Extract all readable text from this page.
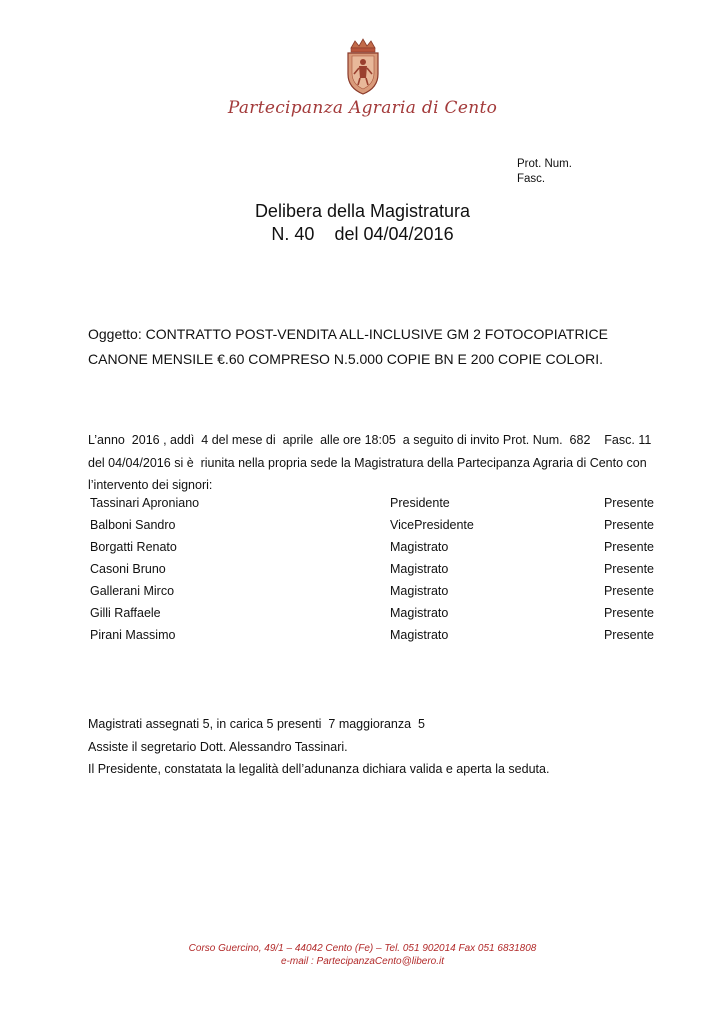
Partecipanza Agraria di Cento
Prot. Num.
Fasc.
Delibera della Magistratura
N. 40 del 04/04/2016
Oggetto: CONTRATTO POST-VENDITA ALL-INCLUSIVE GM 2 FOTOCOPIATRICE
CANONE MENSILE €.60 COMPRESO N.5.000 COPIE BN E 200 COPIE COLORI.
L’anno  2016 , addì  4 del mese di  aprile  alle ore 18:05  a seguito di invito Prot. Num.  682    Fasc. 11
del 04/04/2016 si è  riunita nella propria sede la Magistratura della Partecipanza Agraria di Cento con
l’intervento dei signori:
Tassinari Aproniano	Presidente	Presente
Balboni Sandro	VicePresidente	Presente
Borgatti Renato	Magistrato	Presente
Casoni Bruno	Magistrato	Presente
Gallerani Mirco	Magistrato	Presente
Gilli Raffaele	Magistrato	Presente
Pirani Massimo	Magistrato	Presente
Magistrati assegnati 5, in carica 5 presenti  7 maggioranza  5
Assiste il segretario Dott. Alessandro Tassinari.
Il Presidente, constatata la legalità dell’adunanza dichiara valida e aperta la seduta.
Corso Guercino, 49/1 – 44042 Cento (Fe) – Tel. 051 902014 Fax 051 6831808
e-mail : PartecipanzaCento@libero.it
